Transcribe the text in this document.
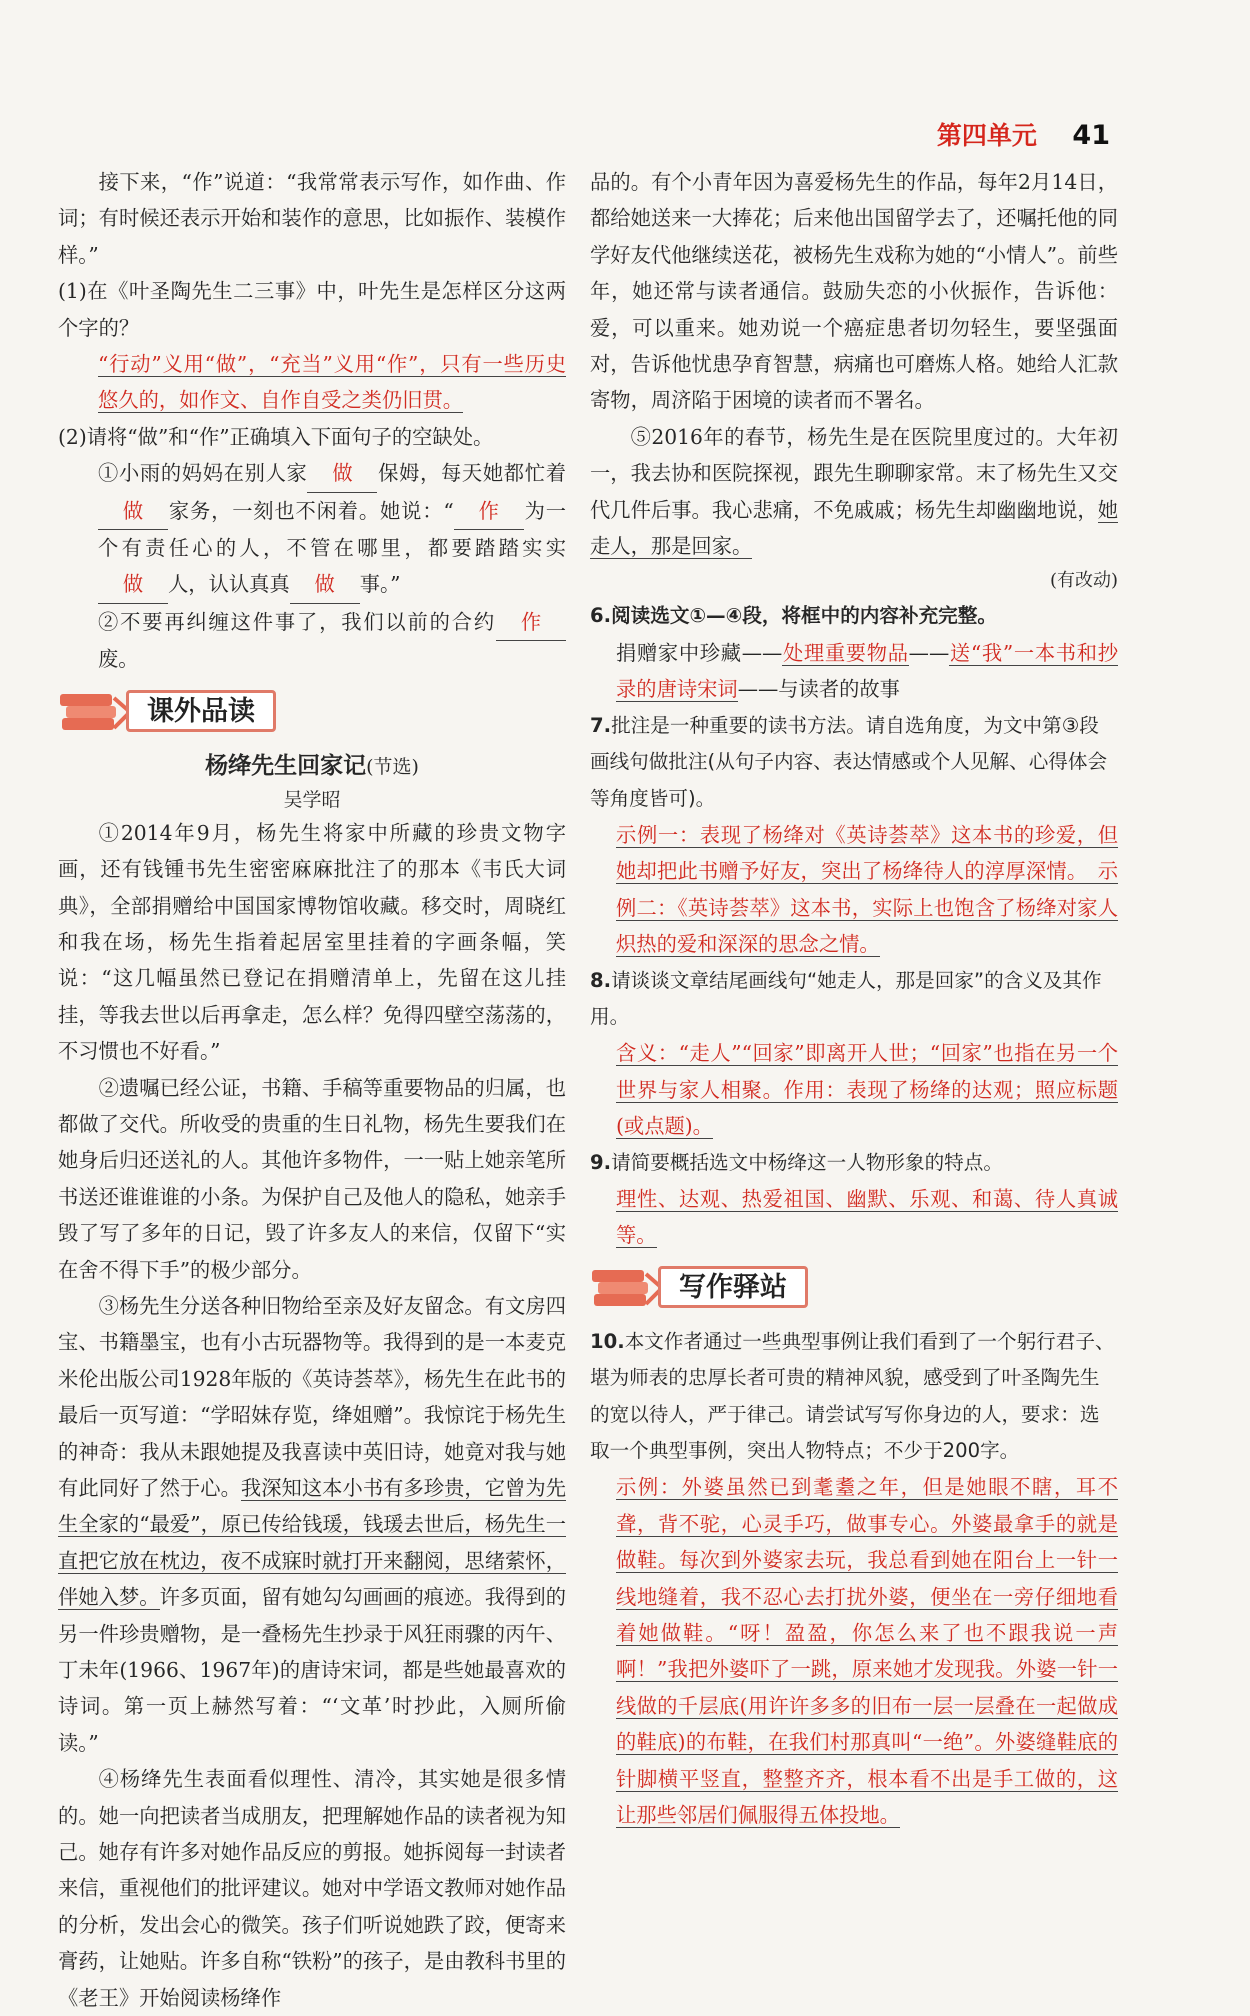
第四单元 41

接下来，“作”说道：“我常常表示写作，如作曲、作词；有时候还表示开始和装作的意思，比如振作、装模作样。”

(1)在《叶圣陶先生二三事》中，叶先生是怎样区分这两个字的？

“行动”义用“做”，“充当”义用“作”，只有一些历史悠久的，如作文、自作自受之类仍旧贯。

(2)请将“做”和“作”正确填入下面句子的空缺处。

①小雨的妈妈在别人家 做 保姆，每天她都忙着做 家务，一刻也不闲着。她说：“ 作 为一个有责任心的人，不管在哪里，都要踏踏实实做 人，认认真真 做 事。”

②不要再纠缠这件事了，我们以前的合约 作废。

课外品读

杨绛先生回家记(节选)

吴学昭

①2014年9月，杨先生将家中所藏的珍贵文物字画，还有钱锺书先生密密麻麻批注了的那本《韦氏大词典》，全部捐赠给中国国家博物馆收藏。移交时，周晓红和我在场，杨先生指着起居室里挂着的字画条幅，笑说：“这几幅虽然已登记在捐赠清单上，先留在这儿挂挂，等我去世以后再拿走，怎么样？免得四壁空荡荡的，不习惯也不好看。”

②遗嘱已经公证，书籍、手稿等重要物品的归属，也都做了交代。所收受的贵重的生日礼物，杨先生要我们在她身后归还送礼的人。其他许多物件，一一贴上她亲笔所书送还谁谁谁的小条。为保护自己及他人的隐私，她亲手毁了写了多年的日记，毁了许多友人的来信，仅留下“实在舍不得下手”的极少部分。

③杨先生分送各种旧物给至亲及好友留念。有文房四宝、书籍墨宝，也有小古玩器物等。我得到的是一本麦克米伦出版公司1928年版的《英诗荟萃》，杨先生在此书的最后一页写道：“学昭妹存览，绛姐赠”。我惊诧于杨先生的神奇：我从未跟她提及我喜读中英旧诗，她竟对我与她有此同好了然于心。我深知这本小书有多珍贵，它曾为先生全家的“最爱”，原已传给钱瑗，钱瑗去世后，杨先生一直把它放在枕边，夜不成寐时就打开来翻阅，思绪萦怀，伴她入梦。许多页面，留有她勾勾画画的痕迹。我得到的另一件珍贵赠物，是一叠杨先生抄录于风狂雨骤的丙午、丁未年(1966、1967年)的唐诗宋词，都是些她最喜欢的诗词。第一页上赫然写着：“‘文革’时抄此，入厕所偷读。”

④杨绛先生表面看似理性、清冷，其实她是很多情的。她一向把读者当成朋友，把理解她作品的读者视为知己。她存有许多对她作品反应的剪报。她拆阅每一封读者来信，重视他们的批评建议。她对中学语文教师对她作品的分析，发出会心的微笑。孩子们听说她跌了跤，便寄来膏药，让她贴。许多自称“铁粉”的孩子，是由教科书里的《老王》开始阅读杨绛作

品的。有个小青年因为喜爱杨先生的作品，每年2月14日，都给她送来一大捧花；后来他出国留学去了，还嘱托他的同学好友代他继续送花，被杨先生戏称为她的“小情人”。前些年，她还常与读者通信。鼓励失恋的小伙振作，告诉他：爱，可以重来。她劝说一个癌症患者切勿轻生，要坚强面对，告诉他忧患孕育智慧，病痛也可磨炼人格。她给人汇款寄物，周济陷于困境的读者而不署名。

⑤2016年的春节，杨先生是在医院里度过的。大年初一，我去协和医院探视，跟先生聊聊家常。末了杨先生又交代几件后事。我心悲痛，不免戚戚；杨先生却幽幽地说，她走人，那是回家。

(有改动)

6.阅读选文①—④段，将框中的内容补充完整。

捐赠家中珍藏——处理重要物品——送“我”一本书和抄录的唐诗宋词——与读者的故事

7.批注是一种重要的读书方法。请自选角度，为文中第③段画线句做批注(从句子内容、表达情感或个人见解、心得体会等角度皆可)。

示例一：表现了杨绛对《英诗荟萃》这本书的珍爱，但她却把此书赠予好友，突出了杨绛待人的淳厚深情。　示例二：《英诗荟萃》这本书，实际上也饱含了杨绛对家人炽热的爱和深深的思念之情。

8.请谈谈文章结尾画线句“她走人，那是回家”的含义及其作用。

含义：“走人”“回家”即离开人世；“回家”也指在另一个世界与家人相聚。作用：表现了杨绛的达观；照应标题(或点题)。

9.请简要概括选文中杨绛这一人物形象的特点。

理性、达观、热爱祖国、幽默、乐观、和蔼、待人真诚等。

写作驿站

10.本文作者通过一些典型事例让我们看到了一个躬行君子、堪为师表的忠厚长者可贵的精神风貌，感受到了叶圣陶先生的宽以待人，严于律己。请尝试写写你身边的人，要求：选取一个典型事例，突出人物特点；不少于200字。

示例：外婆虽然已到耄耋之年，但是她眼不瞎，耳不聋，背不驼，心灵手巧，做事专心。外婆最拿手的就是做鞋。每次到外婆家去玩，我总看到她在阳台上一针一线地缝着，我不忍心去打扰外婆，便坐在一旁仔细地看着她做鞋。“呀！盈盈，你怎么来了也不跟我说一声啊！”我把外婆吓了一跳，原来她才发现我。外婆一针一线做的千层底(用许许多多的旧布一层一层叠在一起做成的鞋底)的布鞋，在我们村那真叫“一绝”。外婆缝鞋底的针脚横平竖直，整整齐齐，根本看不出是手工做的，这让那些邻居们佩服得五体投地。
